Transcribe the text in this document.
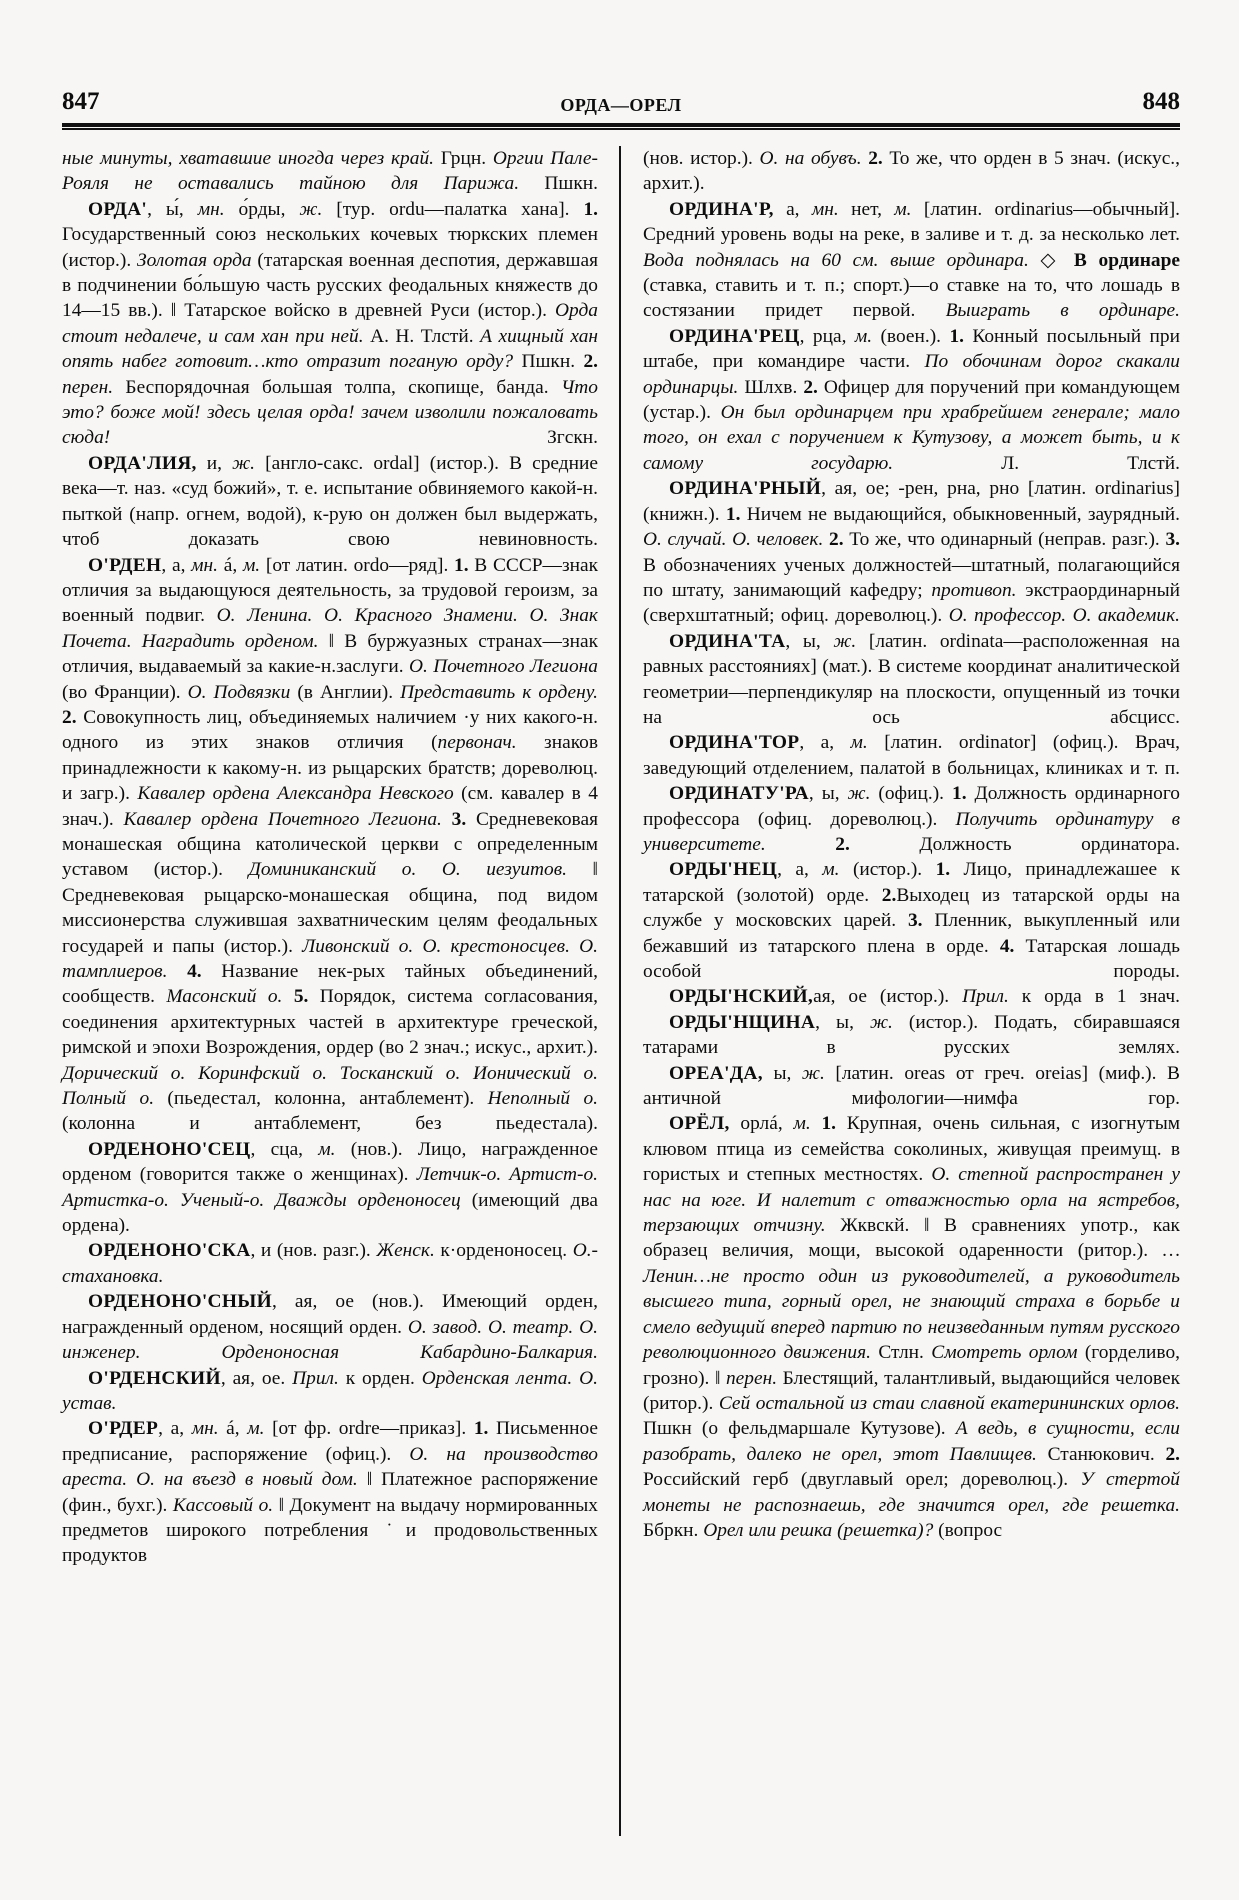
847	ОРДА—ОРЕЛ	848

ные минуты, хватавшие иногда через край. Грцн. Оргии Пале-Рояля не оставались тайною для Парижа. Пшкн.

ОРДА', ы́, мн. о́рды, ж. [тур. ordu—палатка хана]. 1. Государственный союз нескольких кочевых тюркских племен (истор.). Золотая орда (татарская военная деспотия, державшая в подчинении бо́льшую часть русских феодальных княжеств до 14—15 вв.). ‖ Татарское войско в древней Руси (истор.). Орда стоит недалече, и сам хан при ней. А. Н. Тлстй. А хищный хан опять набег готовит…кто отразит поганую орду? Пшкн. 2. перен. Беспорядочная большая толпа, скопище, банда. Что это? боже мой! здесь целая орда! зачем изволили пожаловать сюда! Згскн.

ОРДА'ЛИЯ, и, ж. [англо-сакс. ordal] (истор.). В средние века—т. наз. «суд божий», т. е. испытание обвиняемого какой-н. пыткой (напр. огнем, водой), к-рую он должен был выдержать, чтоб доказать свою невиновность.

О'РДЕН, а, мн. á, м. [от латин. ordo—ряд]. 1. В СССР—знак отличия за выдающуюся деятельность, за трудовой героизм, за военный подвиг. О. Ленина. О. Красного Знамени. О. Знак Почета. Наградить орденом. ‖ В буржуазных странах—знак отличия, выдаваемый за какие-н.заслуги. О. Почетного Легиона (во Франции). О. Подвязки (в Англии). Представить к ордену. 2. Совокупность лиц, объединяемых наличием ·у них какого-н. одного из этих знаков отличия (первонач. знаков принадлежности к какому-н. из рыцарских братств; дореволюц. и загр.). Кавалер ордена Александра Невского (см. кавалер в 4 знач.). Кавалер ордена Почетного Легиона. 3. Средневековая монашеская община католической церкви с определенным уставом (истор.). Доминиканский о. О. иезуитов. ‖ Средневековая рыцарско-монашеская община, под видом миссионерства служившая захватническим целям феодальных государей и папы (истор.). Ливонский о. О. крестоносцев. О. тамплиеров. 4. Название нек-рых тайных объединений, сообществ. Масонский о. 5. Порядок, система согласования, соединения архитектурных частей в архитектуре греческой, римской и эпохи Возрождения, ордер (во 2 знач.; искус., архит.). Дорический о. Коринфский о. Тосканский о. Ионический о. Полный о. (пьедестал, колонна, антаблемент). Неполный о. (колонна и антаблемент, без пьедестала).

ОРДЕНОНО'СЕЦ, сца, м. (нов.). Лицо, награжденное орденом (говорится также о женщинах). Летчик-о. Артист-о. Артистка-о. Ученый-о. Дважды орденоносец (имеющий два ордена).

ОРДЕНОНО'СКА, и (нов. разг.). Женск. к·орденоносец. О.-стахановка.

ОРДЕНОНО'СНЫЙ, ая, ое (нов.). Имеющий орден, награжденный орденом, носящий орден. О. завод. О. театр. О. инженер. Орденоносная Кабардино-Балкария.

О'РДЕНСКИЙ, ая, ое. Прил. к орден. Орденская лента. О. устав.

О'РДЕР, а, мн. á, м. [от фр. ordre—приказ]. 1. Письменное предписание, распоряжение (офиц.). О. на производство ареста. О. на въезд в новый дом. ‖ Платежное распоряжение (фин., бухг.). Кассовый о. ‖ Документ на выдачу нормированных предметов широкого потребления ˙и продовольственных продуктов

(нов. истор.). О. на обувъ. 2. То же, что орден в 5 знач. (искус., архит.).

ОРДИНА'Р, а, мн. нет, м. [латин. ordinarius—обычный]. Средний уровень воды на реке, в заливе и т. д. за несколько лет. Вода поднялась на 60 см. выше ординара. ◇ В ординаре (ставка, ставить и т. п.; спорт.)—о ставке на то, что лошадь в состязании придет первой. Выиграть в ординаре.

ОРДИНА'РЕЦ, рца, м. (воен.). 1. Конный посыльный при штабе, при командире части. По обочинам дорог скакали ординарцы. Шлхв. 2. Офицер для поручений при командующем (устар.). Он был ординарцем при храбрейшем генерале; мало того, он ехал с поручением к Кутузову, а может быть, и к самому государю. Л. Тлстй.

ОРДИНА'РНЫЙ, ая, ое; -рен, рна, рно [латин. ordinarius] (книжн.). 1. Ничем не выдающийся, обыкновенный, заурядный. О. случай. О. человек. 2. То же, что одинарный (неправ. разг.). 3. В обозначениях ученых должностей—штатный, полагающийся по штату, занимающий кафедру; противоп. экстраординарный (сверхштатный; офиц. дореволюц.). О. профессор. О. академик.

ОРДИНА'ТА, ы, ж. [латин. ordinata—расположенная на равных расстояниях] (мат.). В системе координат аналитической геометрии—перпендикуляр на плоскости, опущенный из точки на ось абсцисс.

ОРДИНА'ТОР, а, м. [латин. ordinator] (офиц.). Врач, заведующий отделением, палатой в больницах, клиниках и т. п.

ОРДИНАТУ'РА, ы, ж. (офиц.). 1. Должность ординарного профессора (офиц. дореволюц.). Получить ординатуру в университете.	2. Должность ординатора.

ОРДЫ'НЕЦ, а, м. (истор.). 1. Лицо, принадлежашее к татарской (золотой) орде. 2.Выходец из татарской орды на службе у московских царей. 3. Пленник, выкупленный или бежавший из татарского плена в орде. 4. Татарская лошадь особой породы.

ОРДЫ'НСКИЙ,ая, ое (истор.). Прил. к орда в 1 знач.

ОРДЫ'НЩИНА, ы, ж. (истор.). Подать, сбиравшаяся татарами в русских землях.

ОРЕА'ДА, ы, ж. [латин. oreas от греч. oreias] (миф.). В античной мифологии—нимфа гор.

ОРЁЛ, орлá, м. 1. Крупная, очень сильная, с изогнутым клювом птица из семейства соколиных, живущая преимущ. в гористых и степных местностях. О. степной распространен у нас на юге. И налетит с отважностью орла на ястребов, терзающих отчизну. Жквскй. ‖ В сравнениях употр., как образец величия, мощи, высокой одаренности (ритор.). …Ленин…не просто один из руководителей, а руководитель высшего типа, горный орел, не знающий страха в борьбе и смело ведущий вперед партию по неизведанным путям русского революционного движения. Стлн. Смотрeть орлом (горделиво, грозно). ‖ перен. Блестящий, талантливый, выдающийся человек (ритор.). Сей остальной из стаи славной екатерининских орлов. Пшкн (о фельдмаршале Кутузове). А ведь, в сущности, если разобрать, далеко не орел, этот Павлищев. Станюкович. 2. Российский герб (двуглавый орел; дореволюц.). У стертой монеты не распознаешь, где значится орел, где решетка. Ббркн. Орел или решка (решетка)? (вопрос
